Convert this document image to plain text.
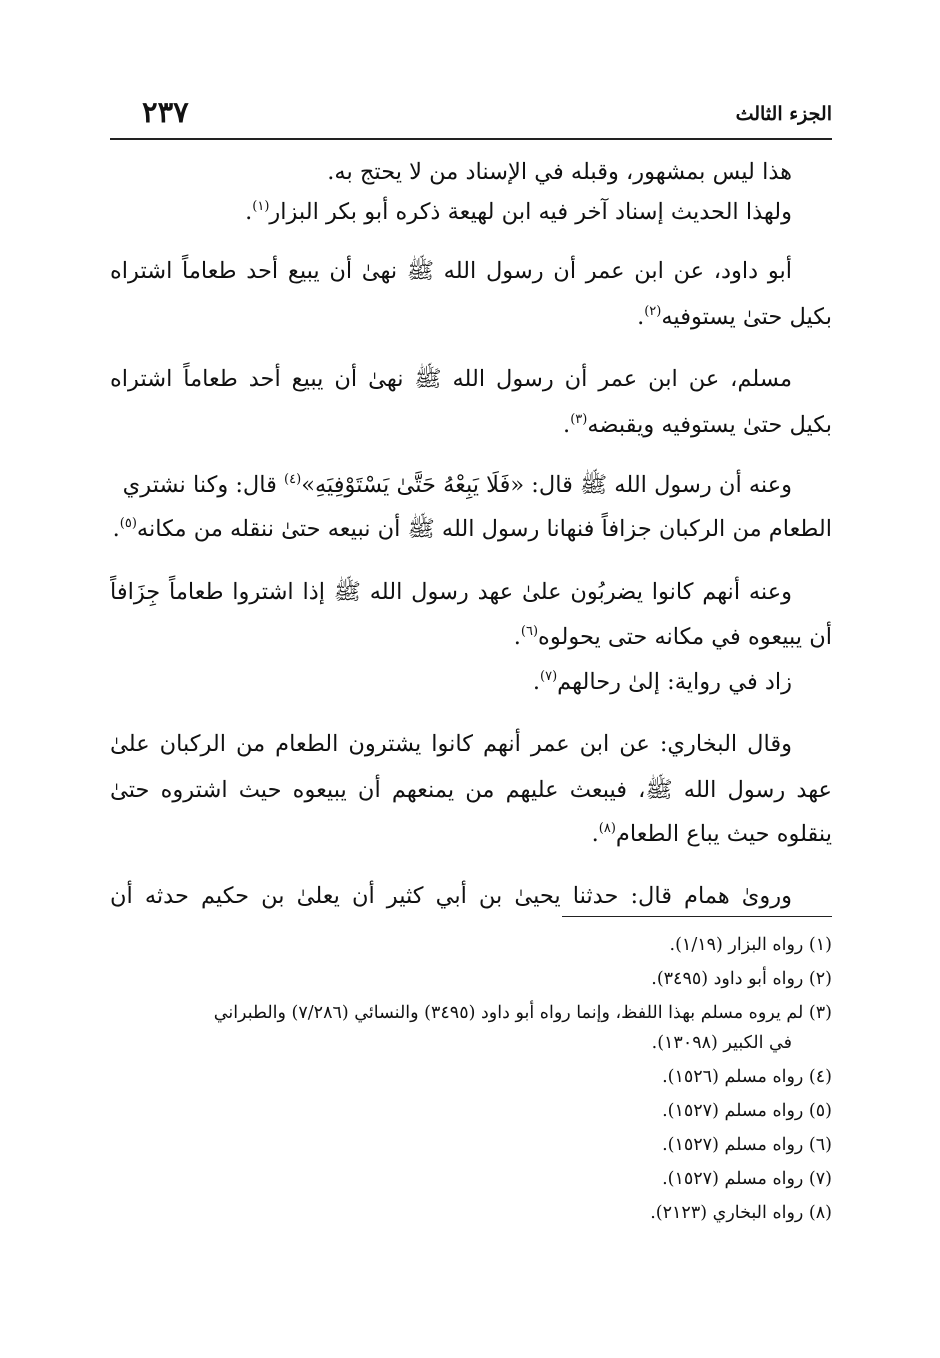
الجزء الثالث
٢٣٧
هذا ليس بمشهور، وقبله في الإسناد من لا يحتج به.
ولهذا الحديث إسناد آخر فيه ابن لهيعة ذكره أبو بكر البزار$^{(١)}$.
أبو داود، عن ابن عمر أن رسول الله ﷺ نهىٰ أن يبيع أحد طعاماً اشتراه
بكيل حتىٰ يستوفيه$^{(٢)}$.
مسلم، عن ابن عمر أن رسول الله ﷺ نهىٰ أن يبيع أحد طعاماً اشتراه
بكيل حتىٰ يستوفيه ويقبضه$^{(٣)}$.
وعنه أن رسول الله ﷺ قال: «فَلَا يَبِعْهُ حَتَّىٰ يَسْتَوْفِيَهِ»$^{(٤)}$ قال: وكنا نشتري
الطعام من الركبان جزافاً فنهانا رسول الله ﷺ أن نبيعه حتىٰ ننقله من مكانه$^{(٥)}$.
وعنه أنهم كانوا يضربُون علىٰ عهد رسول الله ﷺ إذا اشتروا طعاماً جِزَافاً
أن يبيعوه في مكانه حتى يحولوه$^{(٦)}$.
زاد في رواية: إلىٰ رحالهم$^{(٧)}$.
وقال البخاري: عن ابن عمر أنهم كانوا يشترون الطعام من الركبان علىٰ
عهد رسول الله ﷺ، فيبعث عليهم من يمنعهم أن يبيعوه حيث اشتروه حتىٰ
ينقلوه حيث يباع الطعام$^{(٨)}$.
وروىٰ همام قال: حدثنا يحيىٰ بن أبي كثير أن يعلىٰ بن حكيم حدثه أن
(١) رواه البزار (١/١٩).
(٢) رواه أبو داود (٣٤٩٥).
(٣) لم يروه مسلم بهذا اللفظ، وإنما رواه أبو داود (٣٤٩٥) والنسائي (٧/٢٨٦) والطبراني
في الكبير (١٣٠٩٨).
(٤) رواه مسلم (١٥٢٦).
(٥) رواه مسلم (١٥٢٧).
(٦) رواه مسلم (١٥٢٧).
(٧) رواه مسلم (١٥٢٧).
(٨) رواه البخاري (٢١٢٣).
